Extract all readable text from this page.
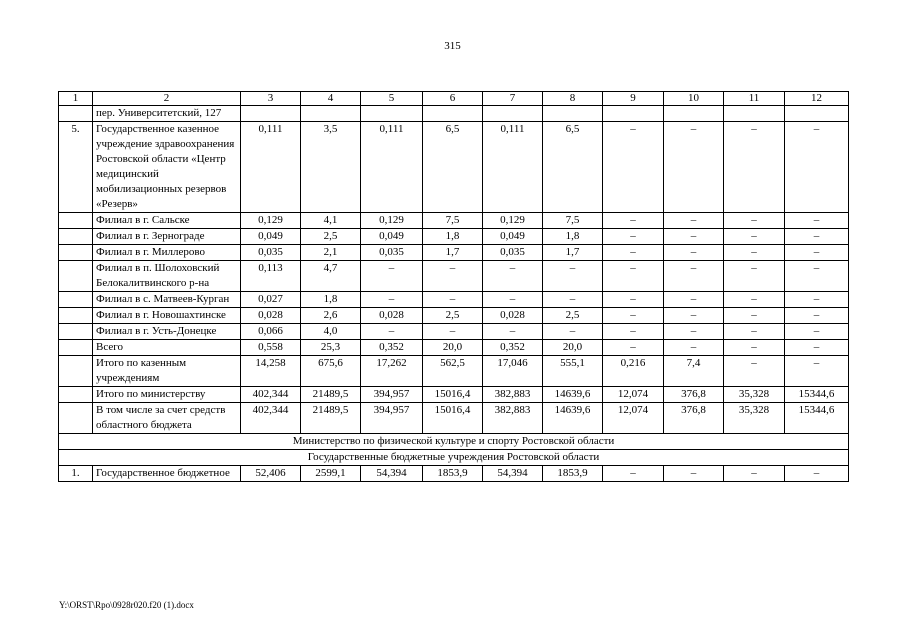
315
1	2	3	4	5	6	7	8	9	10	11	12
	пер. Университетский, 127										
5.	Государственное казенное учреждение здравоохранения Ростовской области «Центр медицинский мобилизационных резервов «Резерв»	0,111	3,5	0,111	6,5	0,111	6,5	–	–	–	–
	Филиал в г. Сальске	0,129	4,1	0,129	7,5	0,129	7,5	–	–	–	–
	Филиал в г. Зернограде	0,049	2,5	0,049	1,8	0,049	1,8	–	–	–	–
	Филиал в г. Миллерово	0,035	2,1	0,035	1,7	0,035	1,7	–	–	–	–
	Филиал в п. Шолоховский Белокалитвинского р-на	0,113	4,7	–	–	–	–	–	–	–	–
	Филиал в с. Матвеев-Курган	0,027	1,8	–	–	–	–	–	–	–	–
	Филиал в г. Новошахтинске	0,028	2,6	0,028	2,5	0,028	2,5	–	–	–	–
	Филиал в г. Усть-Донецке	0,066	4,0	–	–	–	–	–	–	–	–
	Всего	0,558	25,3	0,352	20,0	0,352	20,0	–	–	–	–
	Итого по казенным учреждениям	14,258	675,6	17,262	562,5	17,046	555,1	0,216	7,4	–	–
	Итого по министерству	402,344	21489,5	394,957	15016,4	382,883	14639,6	12,074	376,8	35,328	15344,6
	В том числе за счет средств областного бюджета	402,344	21489,5	394,957	15016,4	382,883	14639,6	12,074	376,8	35,328	15344,6
Министерство по физической культуре и спорту Ростовской области											
Государственные бюджетные учреждения Ростовской области											
1.	Государственное бюджетное	52,406	2599,1	54,394	1853,9	54,394	1853,9	–	–	–	–
Y:\ORST\Rpo\0928r020.f20 (1).docx
